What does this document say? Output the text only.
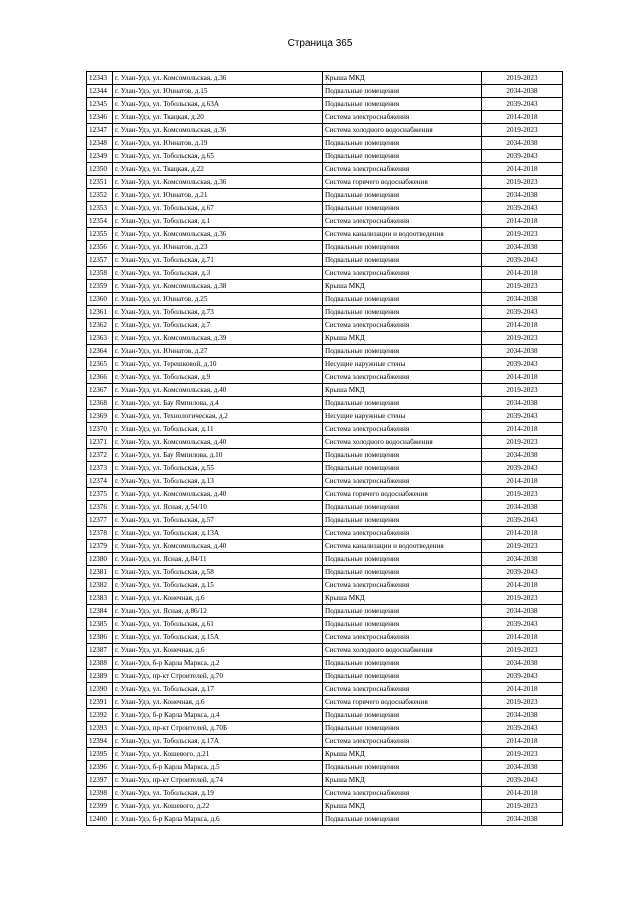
Страница 365
12343	г. Улан-Удэ, ул. Комсомольская, д.36	Крыша МКД	2019-2023
12344	г. Улан-Удэ, ул. Юннатов, д.15	Подвальные помещения	2034-2038
12345	г. Улан-Удэ, ул. Тобольская, д.63А	Подвальные помещения	2039-2043
12346	г. Улан-Удэ, ул. Ткацкая, д.20	Система электроснабжения	2014-2018
12347	г. Улан-Удэ, ул. Комсомольская, д.36	Система холодного водоснабжения	2019-2023
12348	г. Улан-Удэ, ул. Юннатов, д.19	Подвальные помещения	2034-2038
12349	г. Улан-Удэ, ул. Тобольская, д.65	Подвальные помещения	2039-2043
12350	г. Улан-Удэ, ул. Ткацкая, д.22	Система электроснабжения	2014-2018
12351	г. Улан-Удэ, ул. Комсомольская, д.36	Система горячего водоснабжения	2019-2023
12352	г. Улан-Удэ, ул. Юннатов, д.21	Подвальные помещения	2034-2038
12353	г. Улан-Удэ, ул. Тобольская, д.67	Подвальные помещения	2039-2043
12354	г. Улан-Удэ, ул. Тобольская, д.1	Система электроснабжения	2014-2018
12355	г. Улан-Удэ, ул. Комсомольская, д.36	Система канализации и водоотведения	2019-2023
12356	г. Улан-Удэ, ул. Юннатов, д.23	Подвальные помещения	2034-2038
12357	г. Улан-Удэ, ул. Тобольская, д.71	Подвальные помещения	2039-2043
12358	г. Улан-Удэ, ул. Тобольская, д.3	Система электроснабжения	2014-2018
12359	г. Улан-Удэ, ул. Комсомольская, д.38	Крыша МКД	2019-2023
12360	г. Улан-Удэ, ул. Юннатов, д.25	Подвальные помещения	2034-2038
12361	г. Улан-Удэ, ул. Тобольская, д.73	Подвальные помещения	2039-2043
12362	г. Улан-Удэ, ул. Тобольская, д.7	Система электроснабжения	2014-2018
12363	г. Улан-Удэ, ул. Комсомольская, д.39	Крыша МКД	2019-2023
12364	г. Улан-Удэ, ул. Юннатов, д.27	Подвальные помещения	2034-2038
12365	г. Улан-Удэ, ул. Терешковой, д.10	Несущие наружные стены	2039-2043
12366	г. Улан-Удэ, ул. Тобольская, д.9	Система электроснабжения	2014-2018
12367	г. Улан-Удэ, ул. Комсомольская, д.40	Крыша МКД	2019-2023
12368	г. Улан-Удэ, ул. Бау Ямпилова, д.4	Подвальные помещения	2034-2038
12369	г. Улан-Удэ, ул. Технологическая, д.2	Несущие наружные стены	2039-2043
12370	г. Улан-Удэ, ул. Тобольская, д.11	Система электроснабжения	2014-2018
12371	г. Улан-Удэ, ул. Комсомольская, д.40	Система холодного водоснабжения	2019-2023
12372	г. Улан-Удэ, ул. Бау Ямпилова, д.10	Подвальные помещения	2034-2038
12373	г. Улан-Удэ, ул. Тобольская, д.55	Подвальные помещения	2039-2043
12374	г. Улан-Удэ, ул. Тобольская, д.13	Система электроснабжения	2014-2018
12375	г. Улан-Удэ, ул. Комсомольская, д.40	Система горячего водоснабжения	2019-2023
12376	г. Улан-Удэ, ул. Ясная, д.54/10	Подвальные помещения	2034-2038
12377	г. Улан-Удэ, ул. Тобольская, д.57	Подвальные помещения	2039-2043
12378	г. Улан-Удэ, ул. Тобольская, д.13А	Система электроснабжения	2014-2018
12379	г. Улан-Удэ, ул. Комсомольская, д.40	Система канализации и водоотведения	2019-2023
12380	г. Улан-Удэ, ул. Ясная, д.84/11	Подвальные помещения	2034-2038
12381	г. Улан-Удэ, ул. Тобольская, д.58	Подвальные помещения	2039-2043
12382	г. Улан-Удэ, ул. Тобольская, д.15	Система электроснабжения	2014-2018
12383	г. Улан-Удэ, ул. Конечная, д.6	Крыша МКД	2019-2023
12384	г. Улан-Удэ, ул. Ясная, д.86/12	Подвальные помещения	2034-2038
12385	г. Улан-Удэ, ул. Тобольская, д.61	Подвальные помещения	2039-2043
12386	г. Улан-Удэ, ул. Тобольская, д.15А	Система электроснабжения	2014-2018
12387	г. Улан-Удэ, ул. Конечная, д.6	Система холодного водоснабжения	2019-2023
12388	г. Улан-Удэ, б-р Карла Маркса, д.2	Подвальные помещения	2034-2038
12389	г. Улан-Удэ, пр-кт Строителей, д.70	Подвальные помещения	2039-2043
12390	г. Улан-Удэ, ул. Тобольская, д.17	Система электроснабжения	2014-2018
12391	г. Улан-Удэ, ул. Конечная, д.6	Система горячего водоснабжения	2019-2023
12392	г. Улан-Удэ, б-р Карла Маркса, д.4	Подвальные помещения	2034-2038
12393	г. Улан-Удэ, пр-кт Строителей, д.70Б	Подвальные помещения	2039-2043
12394	г. Улан-Удэ, ул. Тобольская, д.17А	Система электроснабжения	2014-2018
12395	г. Улан-Удэ, ул. Кошевого, д.21	Крыша МКД	2019-2023
12396	г. Улан-Удэ, б-р Карла Маркса, д.5	Подвальные помещения	2034-2038
12397	г. Улан-Удэ, пр-кт Строителей, д.74	Крыша МКД	2039-2043
12398	г. Улан-Удэ, ул. Тобольская, д.19	Система электроснабжения	2014-2018
12399	г. Улан-Удэ, ул. Кошевого, д.22	Крыша МКД	2019-2023
12400	г. Улан-Удэ, б-р Карла Маркса, д.6	Подвальные помещения	2034-2038
